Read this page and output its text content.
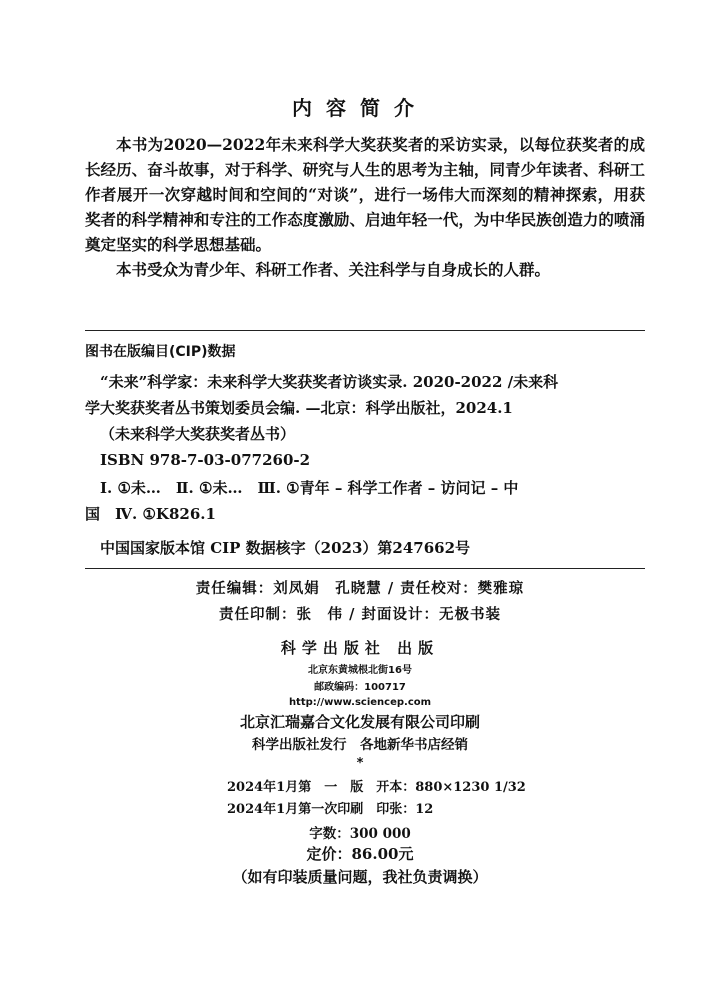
内容简介

本书为2020—2022年未来科学大奖获奖者的采访实录，以每位获奖者的成长经历、奋斗故事，对于科学、研究与人生的思考为主轴，同青少年读者、科研工作者展开一次穿越时间和空间的“对谈”，进行一场伟大而深刻的精神探索，用获奖者的科学精神和专注的工作态度激励、启迪年轻一代，为中华民族创造力的喷涌奠定坚实的科学思想基础。

本书受众为青少年、科研工作者、关注科学与自身成长的人群。

图书在版编目(CIP)数据
“未来”科学家：未来科学大奖获奖者访谈实录. 2020-2022 /未来科
学大奖获奖者丛书策划委员会编. —北京：科学出版社，2024.1
（未来科学大奖获奖者丛书）
ISBN 978-7-03-077260-2
Ⅰ. ①未…　Ⅱ. ①未…　Ⅲ. ①青年 – 科学工作者 – 访问记 – 中
国　Ⅳ. ①K826.1
中国国家版本馆 CIP 数据核字（2023）第247662号
责任编辑：刘凤娟　孔晓慧 / 责任校对：樊雅琼
责任印制：张　伟 / 封面设计：无极书装
科学出版社 出版
北京东黄城根北街16号
邮政编码：100717
http://www.sciencep.com
北京汇瑞嘉合文化发展有限公司印刷
科学出版社发行　各地新华书店经销
*
2024年1月第　一　版　开本：880×1230 1/32
2024年1月第一次印刷　印张：12
字数：300 000
定价：86.00元
（如有印装质量问题，我社负责调换）
